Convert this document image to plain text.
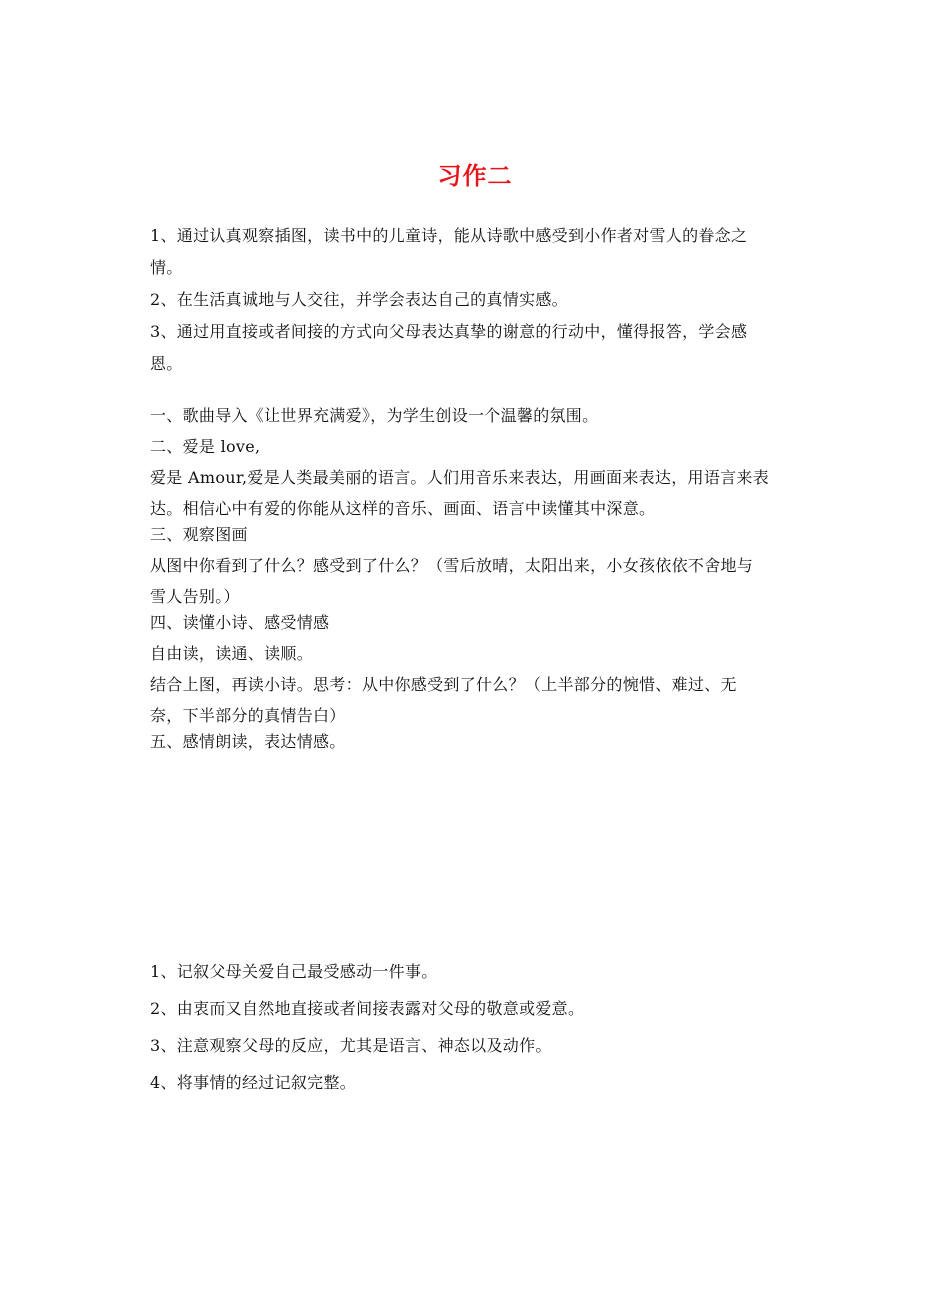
习作二
1、通过认真观察插图，读书中的儿童诗，能从诗歌中感受到小作者对雪人的眷念之
情。
2、在生活真诚地与人交往，并学会表达自己的真情实感。
3、通过用直接或者间接的方式向父母表达真挚的谢意的行动中，懂得报答，学会感
恩。
一、歌曲导入《让世界充满爱》，为学生创设一个温馨的氛围。
二、爱是 love,
爱是 Amour,爱是人类最美丽的语言。人们用音乐来表达，用画面来表达，用语言来表
达。相信心中有爱的你能从这样的音乐、画面、语言中读懂其中深意。
三、观察图画
从图中你看到了什么？感受到了什么？（雪后放晴，太阳出来，小女孩依依不舍地与
雪人告别。）
四、读懂小诗、感受情感
自由读，读通、读顺。
结合上图，再读小诗。思考：从中你感受到了什么？（上半部分的惋惜、难过、无
奈，下半部分的真情告白）
五、感情朗读，表达情感。
1、记叙父母关爱自己最受感动一件事。
2、由衷而又自然地直接或者间接表露对父母的敬意或爱意。
3、注意观察父母的反应，尤其是语言、神态以及动作。
4、将事情的经过记叙完整。
